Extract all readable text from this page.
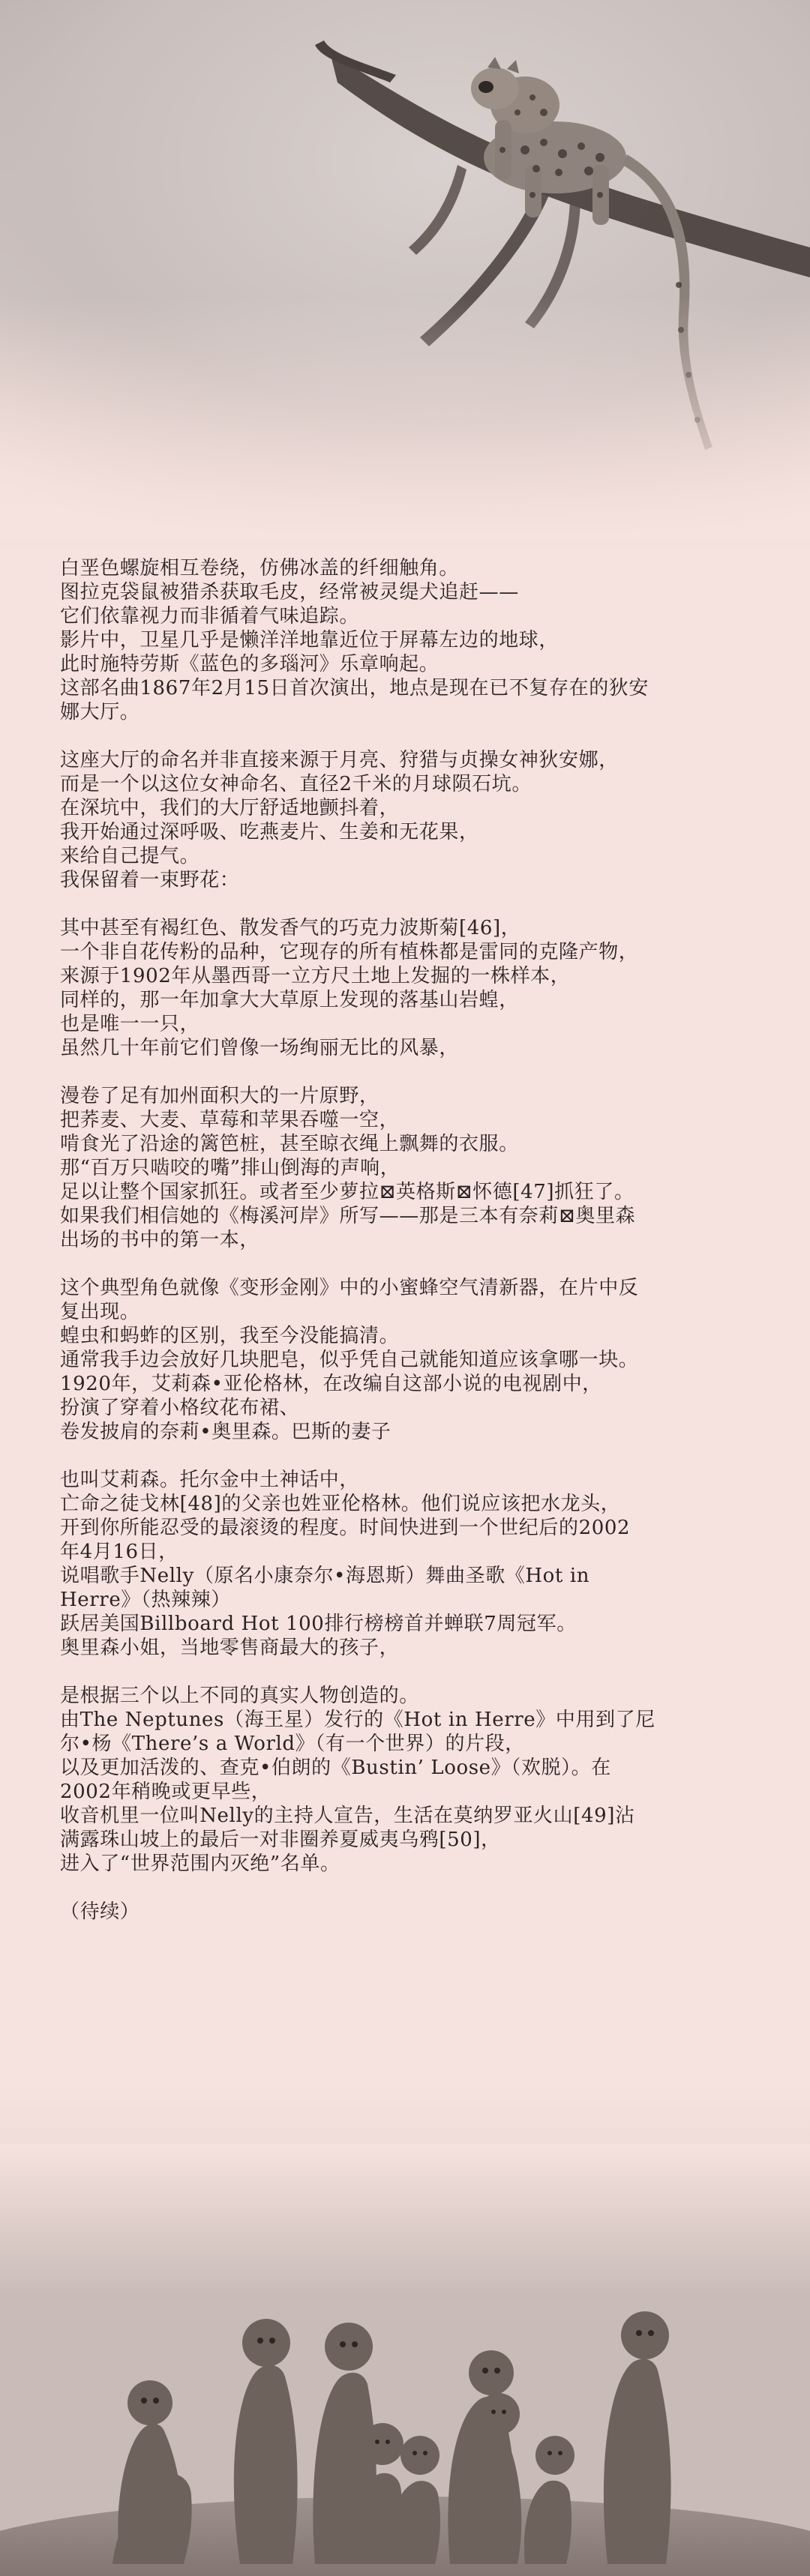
白垩色螺旋相互卷绕，仿佛冰盖的纤细触角。
图拉克袋鼠被猎杀获取毛皮，经常被灵缇犬追赶——
它们依靠视力而非循着气味追踪。
影片中，卫星几乎是懒洋洋地靠近位于屏幕左边的地球，
此时施特劳斯《蓝色的多瑙河》乐章响起。
这部名曲1867年2月15日首次演出，地点是现在已不复存在的狄安
娜大厅。
这座大厅的命名并非直接来源于月亮、狩猎与贞操女神狄安娜，
而是一个以这位女神命名、直径2千米的月球陨石坑。
在深坑中，我们的大厅舒适地颤抖着，
我开始通过深呼吸、吃燕麦片、生姜和无花果，
来给自己提气。
我保留着一束野花：
其中甚至有褐红色、散发香气的巧克力波斯菊[46]，
一个非自花传粉的品种，它现存的所有植株都是雷同的克隆产物，
来源于1902年从墨西哥一立方尺土地上发掘的一株样本，
同样的，那一年加拿大大草原上发现的落基山岩蝗，
也是唯一一只，
虽然几十年前它们曾像一场绚丽无比的风暴，
漫卷了足有加州面积大的一片原野，
把荞麦、大麦、草莓和苹果吞噬一空，
啃食光了沿途的篱笆桩，甚至晾衣绳上飘舞的衣服。
那“百万只啮咬的嘴”排山倒海的声响，
足以让整个国家抓狂。或者至少萝拉⊠英格斯⊠怀德[47]抓狂了。
如果我们相信她的《梅溪河岸》所写——那是三本有奈莉⊠奥里森
出场的书中的第一本，
这个典型角色就像《变形金刚》中的小蜜蜂空气清新器，在片中反
复出现。
蝗虫和蚂蚱的区别，我至今没能搞清。
通常我手边会放好几块肥皂，似乎凭自己就能知道应该拿哪一块。
1920年，艾莉森•亚伦格林，在改编自这部小说的电视剧中，
扮演了穿着小格纹花布裙、
卷发披肩的奈莉•奥里森。巴斯的妻子
也叫艾莉森。托尔金中土神话中，
亡命之徒戈林[48]的父亲也姓亚伦格林。他们说应该把水龙头，
开到你所能忍受的最滚烫的程度。时间快进到一个世纪后的2002
年4月16日，
说唱歌手Nelly（原名小康奈尔•海恩斯）舞曲圣歌《Hot in
Herre》（热辣辣）
跃居美国Billboard Hot 100排行榜榜首并蝉联7周冠军。
奥里森小姐，当地零售商最大的孩子，
是根据三个以上不同的真实人物创造的。
由The Neptunes（海王星）发行的《Hot in Herre》中用到了尼
尔•杨《There’s a World》（有一个世界）的片段，
以及更加活泼的、查克•伯朗的《Bustin’ Loose》（欢脱）。在
2002年稍晚或更早些，
收音机里一位叫Nelly的主持人宣告，生活在莫纳罗亚火山[49]沾
满露珠山坡上的最后一对非圈养夏威夷乌鸦[50]，
进入了“世界范围内灭绝”名单。
（待续）
